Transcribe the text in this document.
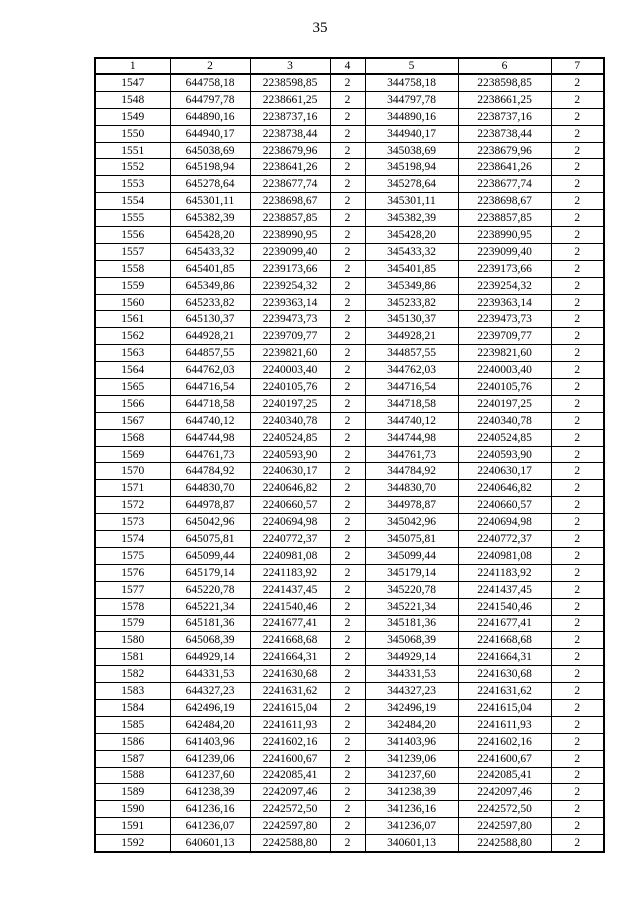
35
1	2	3	4	5	6	7
1547	644758,18	2238598,85	2	344758,18	2238598,85	2
1548	644797,78	2238661,25	2	344797,78	2238661,25	2
1549	644890,16	2238737,16	2	344890,16	2238737,16	2
1550	644940,17	2238738,44	2	344940,17	2238738,44	2
1551	645038,69	2238679,96	2	345038,69	2238679,96	2
1552	645198,94	2238641,26	2	345198,94	2238641,26	2
1553	645278,64	2238677,74	2	345278,64	2238677,74	2
1554	645301,11	2238698,67	2	345301,11	2238698,67	2
1555	645382,39	2238857,85	2	345382,39	2238857,85	2
1556	645428,20	2238990,95	2	345428,20	2238990,95	2
1557	645433,32	2239099,40	2	345433,32	2239099,40	2
1558	645401,85	2239173,66	2	345401,85	2239173,66	2
1559	645349,86	2239254,32	2	345349,86	2239254,32	2
1560	645233,82	2239363,14	2	345233,82	2239363,14	2
1561	645130,37	2239473,73	2	345130,37	2239473,73	2
1562	644928,21	2239709,77	2	344928,21	2239709,77	2
1563	644857,55	2239821,60	2	344857,55	2239821,60	2
1564	644762,03	2240003,40	2	344762,03	2240003,40	2
1565	644716,54	2240105,76	2	344716,54	2240105,76	2
1566	644718,58	2240197,25	2	344718,58	2240197,25	2
1567	644740,12	2240340,78	2	344740,12	2240340,78	2
1568	644744,98	2240524,85	2	344744,98	2240524,85	2
1569	644761,73	2240593,90	2	344761,73	2240593,90	2
1570	644784,92	2240630,17	2	344784,92	2240630,17	2
1571	644830,70	2240646,82	2	344830,70	2240646,82	2
1572	644978,87	2240660,57	2	344978,87	2240660,57	2
1573	645042,96	2240694,98	2	345042,96	2240694,98	2
1574	645075,81	2240772,37	2	345075,81	2240772,37	2
1575	645099,44	2240981,08	2	345099,44	2240981,08	2
1576	645179,14	2241183,92	2	345179,14	2241183,92	2
1577	645220,78	2241437,45	2	345220,78	2241437,45	2
1578	645221,34	2241540,46	2	345221,34	2241540,46	2
1579	645181,36	2241677,41	2	345181,36	2241677,41	2
1580	645068,39	2241668,68	2	345068,39	2241668,68	2
1581	644929,14	2241664,31	2	344929,14	2241664,31	2
1582	644331,53	2241630,68	2	344331,53	2241630,68	2
1583	644327,23	2241631,62	2	344327,23	2241631,62	2
1584	642496,19	2241615,04	2	342496,19	2241615,04	2
1585	642484,20	2241611,93	2	342484,20	2241611,93	2
1586	641403,96	2241602,16	2	341403,96	2241602,16	2
1587	641239,06	2241600,67	2	341239,06	2241600,67	2
1588	641237,60	2242085,41	2	341237,60	2242085,41	2
1589	641238,39	2242097,46	2	341238,39	2242097,46	2
1590	641236,16	2242572,50	2	341236,16	2242572,50	2
1591	641236,07	2242597,80	2	341236,07	2242597,80	2
1592	640601,13	2242588,80	2	340601,13	2242588,80	2
